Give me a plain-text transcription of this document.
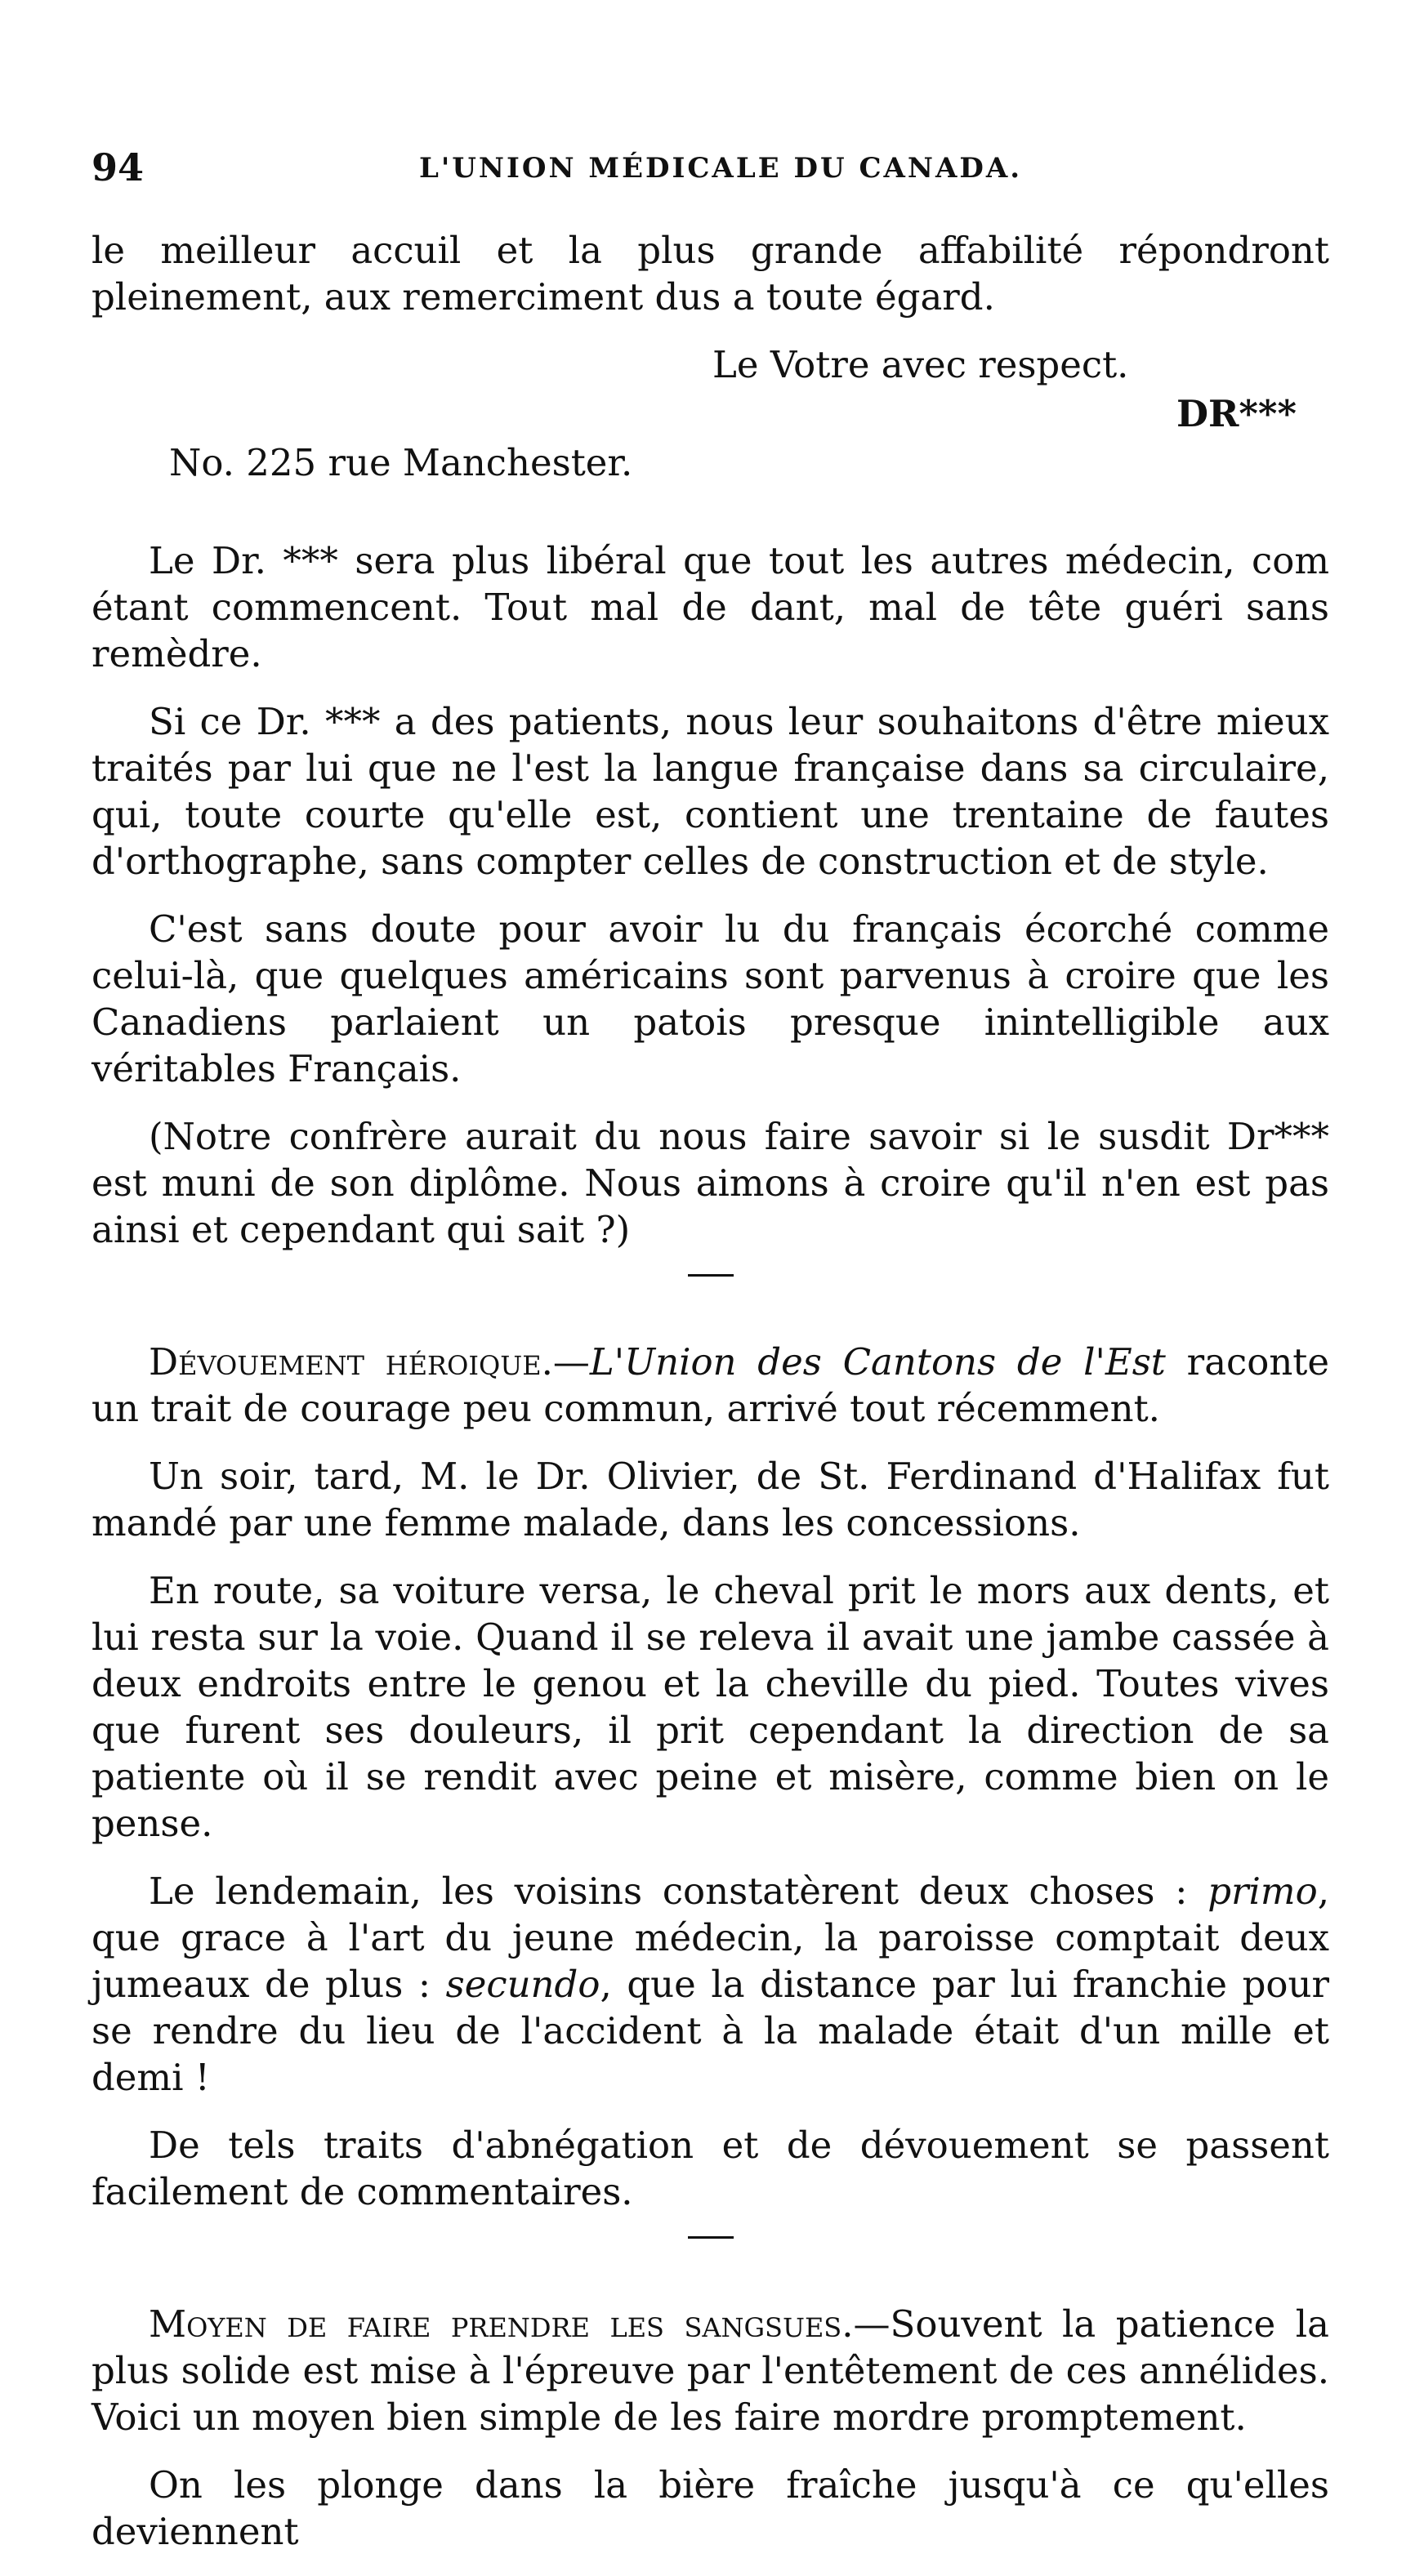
94	L'UNION MÉDICALE DU CANADA.

le meilleur accuil et la plus grande affabilité répondront pleinement, aux remerciment dus a toute égard.

Le Votre avec respect.
DR***
No. 225 rue Manchester.

Le Dr. *** sera plus libéral que tout les autres médecin, com étant commencent. Tout mal de dant, mal de tête guéri sans remèdre.

Si ce Dr. *** a des patients, nous leur souhaitons d'être mieux traités par lui que ne l'est la langue française dans sa circulaire, qui, toute courte qu'elle est, contient une trentaine de fautes d'orthographe, sans compter celles de construction et de style.

C'est sans doute pour avoir lu du français écorché comme celui-là, que quelques américains sont parvenus à croire que les Canadiens parlaient un patois presque inintelligible aux véritables Français.

(Notre confrère aurait du nous faire savoir si le susdit Dr*** est muni de son diplôme. Nous aimons à croire qu'il n'en est pas ainsi et cependant qui sait ?)

Dévouement héroique.—L'Union des Cantons de l'Est raconte un trait de courage peu commun, arrivé tout récemment.

Un soir, tard, M. le Dr. Olivier, de St. Ferdinand d'Halifax fut mandé par une femme malade, dans les concessions.

En route, sa voiture versa, le cheval prit le mors aux dents, et lui resta sur la voie. Quand il se releva il avait une jambe cassée à deux endroits entre le genou et la cheville du pied. Toutes vives que furent ses douleurs, il prit cependant la direction de sa patiente où il se rendit avec peine et misère, comme bien on le pense.

Le lendemain, les voisins constatèrent deux choses : primo, que grace à l'art du jeune médecin, la paroisse comptait deux jumeaux de plus : secundo, que la distance par lui franchie pour se rendre du lieu de l'accident à la malade était d'un mille et demi !

De tels traits d'abnégation et de dévouement se passent facilement de commentaires.

Moyen de faire prendre les sangsues.—Souvent la patience la plus solide est mise à l'épreuve par l'entêtement de ces annélides. Voici un moyen bien simple de les faire mordre promptement.

On les plonge dans la bière fraîche jusqu'à ce qu'elles deviennent
